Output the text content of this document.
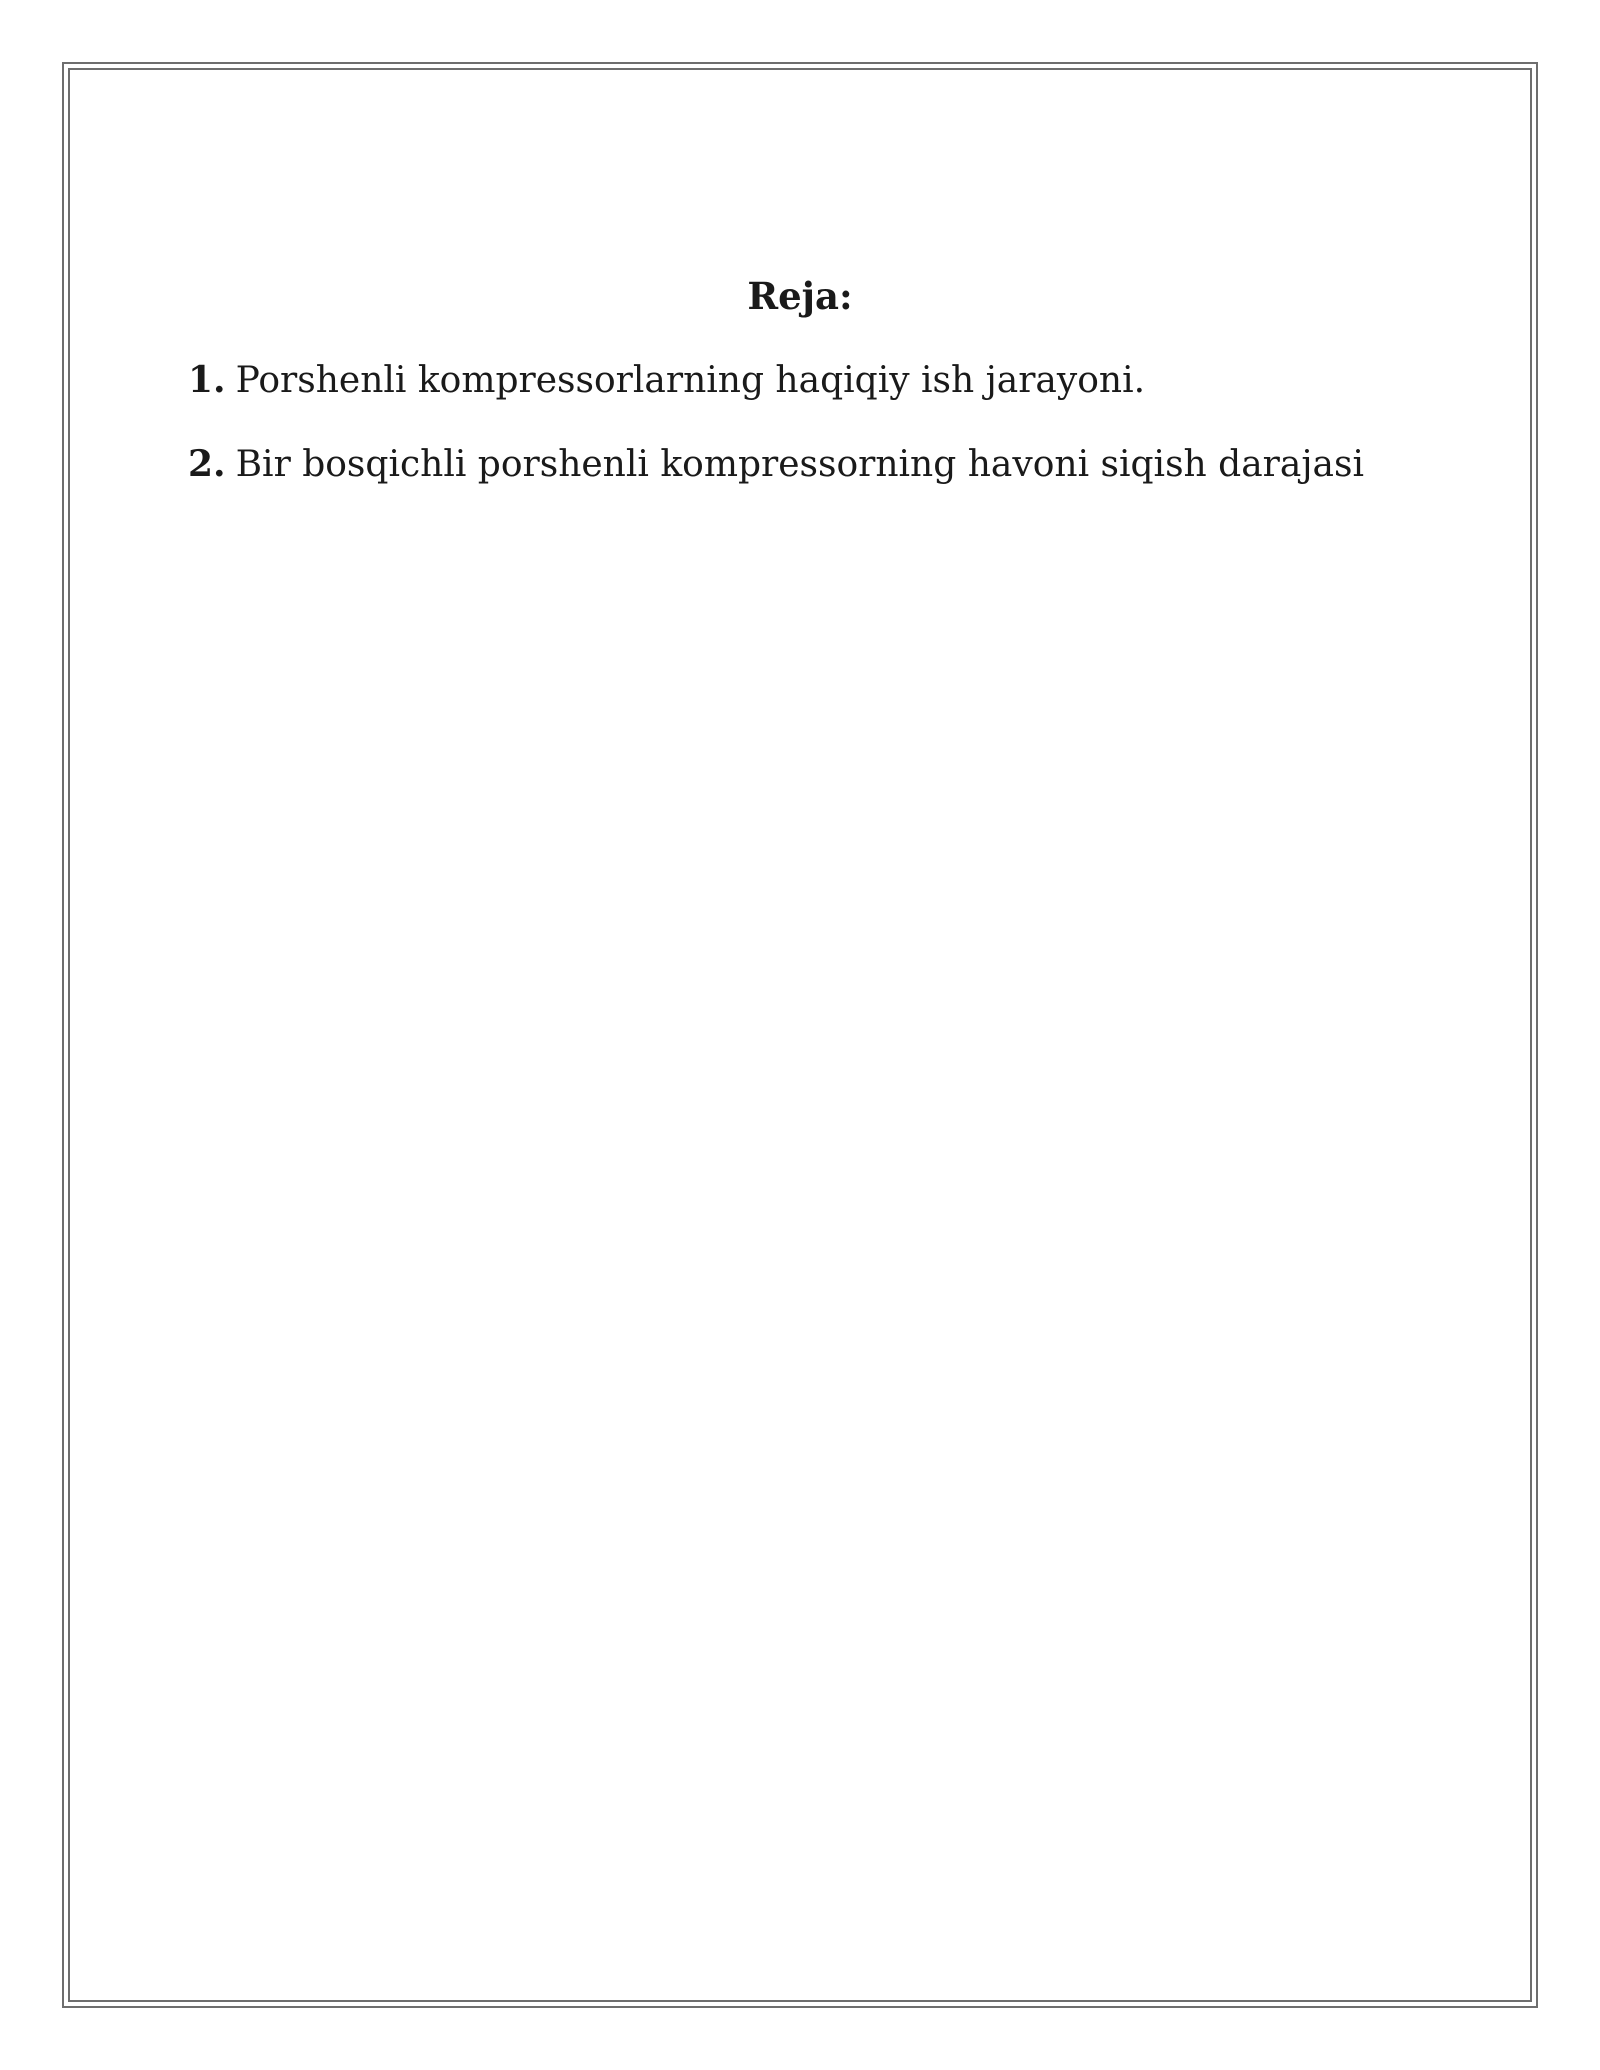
Reja:
1. Porshenli kompressorlarning haqiqiy ish jarayoni.
2. Bir bosqichli porshenli kompressorning havoni siqish darajasi
